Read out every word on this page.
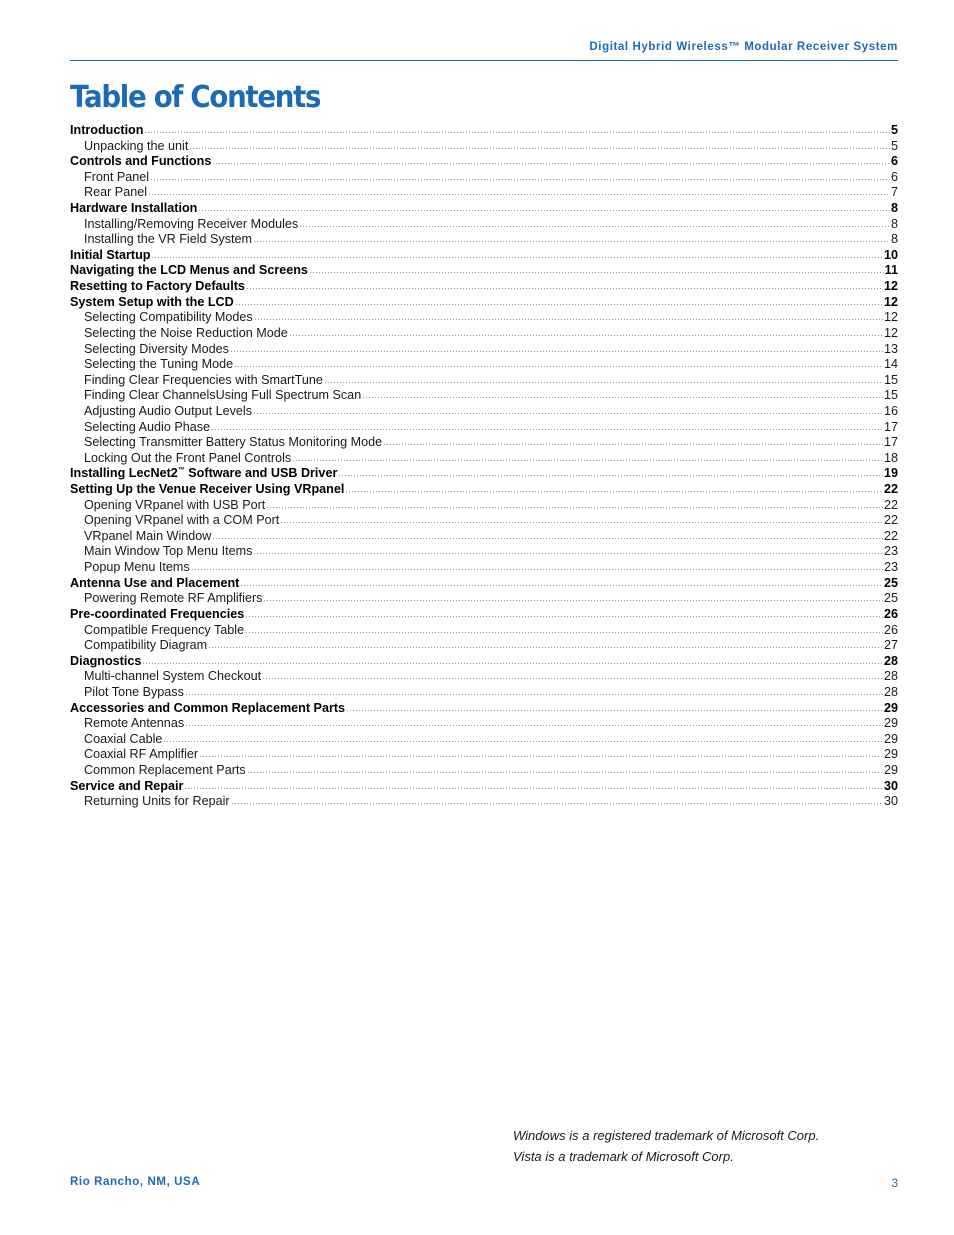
Digital Hybrid Wireless™ Modular Receiver System
Table of Contents
Introduction	5
Unpacking the unit	5
Controls and Functions	6
Front Panel	6
Rear Panel	7
Hardware Installation	8
Installing/Removing Receiver Modules	8
Installing the VR Field System	8
Initial Startup	10
Navigating the LCD Menus and Screens	11
Resetting to Factory Defaults	12
System Setup with the LCD	12
Selecting Compatibility Modes	12
Selecting the Noise Reduction Mode	12
Selecting Diversity Modes	13
Selecting the Tuning Mode	14
Finding Clear Frequencies with SmartTune	15
Finding Clear ChannelsUsing Full Spectrum Scan	15
Adjusting Audio Output Levels	16
Selecting Audio Phase	17
Selecting Transmitter Battery Status Monitoring Mode	17
Locking Out the Front Panel Controls	18
Installing LecNet2™ Software and USB Driver	19
Setting Up the Venue Receiver Using VRpanel	22
Opening VRpanel with USB Port	22
Opening VRpanel with a COM Port	22
VRpanel Main Window	22
Main Window Top Menu Items	23
Popup Menu Items	23
Antenna Use and Placement	25
Powering Remote RF Amplifiers	25
Pre-coordinated Frequencies	26
Compatible Frequency Table	26
Compatibility Diagram	27
Diagnostics	28
Multi-channel System Checkout	28
Pilot Tone Bypass	28
Accessories and Common Replacement Parts	29
Remote Antennas	29
Coaxial Cable	29
Coaxial RF Amplifier	29
Common Replacement Parts	29
Service and Repair	30
Returning Units for Repair	30
Windows is a registered trademark of Microsoft Corp.
Vista is a trademark of Microsoft Corp.
Rio Rancho, NM, USA	3
